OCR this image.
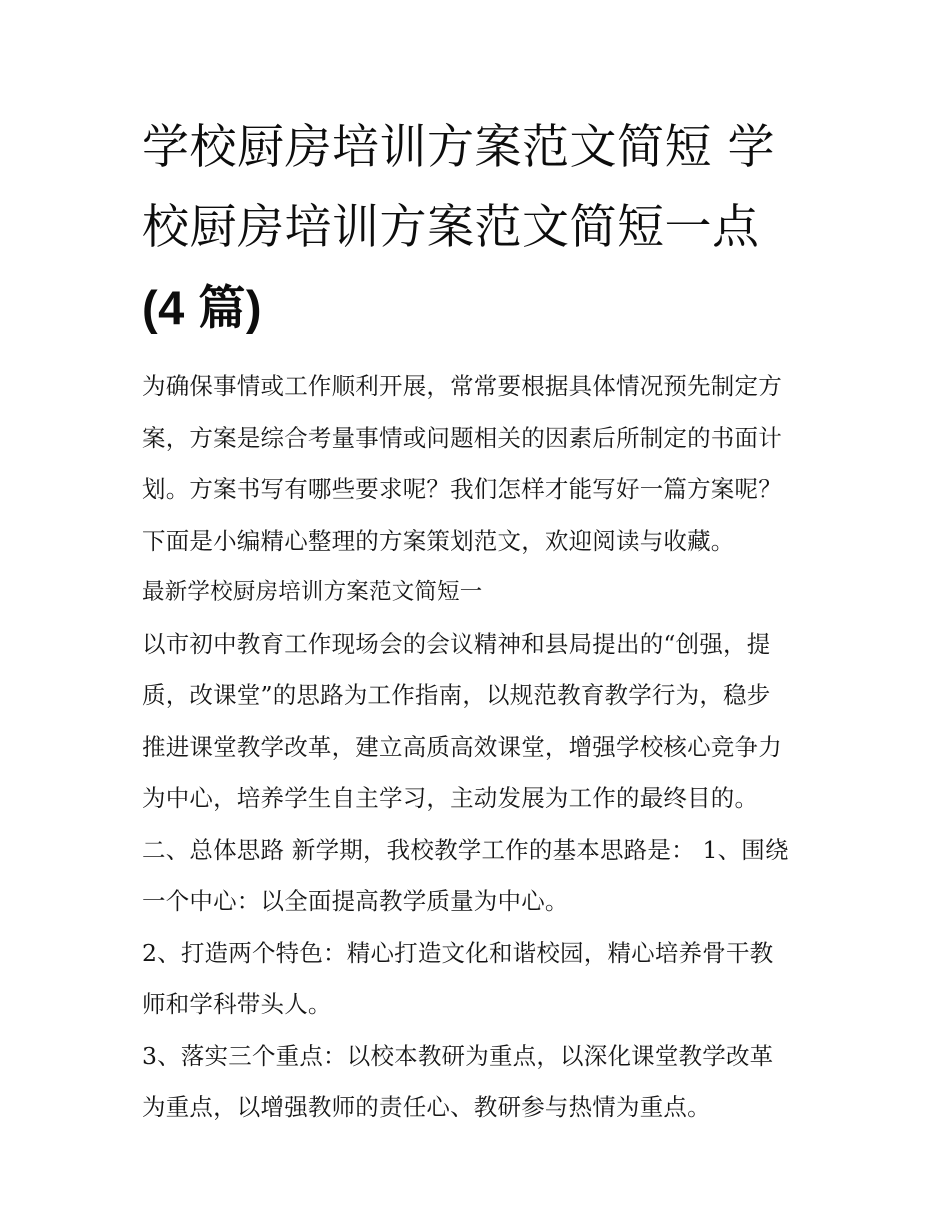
学校厨房培训方案范文简短 学
校厨房培训方案范文简短一点
(4 篇)
为确保事情或工作顺利开展，常常要根据具体情况预先制定方
案，方案是综合考量事情或问题相关的因素后所制定的书面计
划。方案书写有哪些要求呢？我们怎样才能写好一篇方案呢？
下面是小编精心整理的方案策划范文，欢迎阅读与收藏。
最新学校厨房培训方案范文简短一
以市初中教育工作现场会的会议精神和县局提出的“创强，提
质，改课堂”的思路为工作指南，以规范教育教学行为，稳步
推进课堂教学改革，建立高质高效课堂，增强学校核心竞争力
为中心，培养学生自主学习，主动发展为工作的最终目的。
二、总体思路 新学期，我校教学工作的基本思路是： 1、围绕
一个中心：以全面提高教学质量为中心。
2、打造两个特色：精心打造文化和谐校园，精心培养骨干教
师和学科带头人。
3、落实三个重点：以校本教研为重点，以深化课堂教学改革
为重点，以增强教师的责任心、教研参与热情为重点。
